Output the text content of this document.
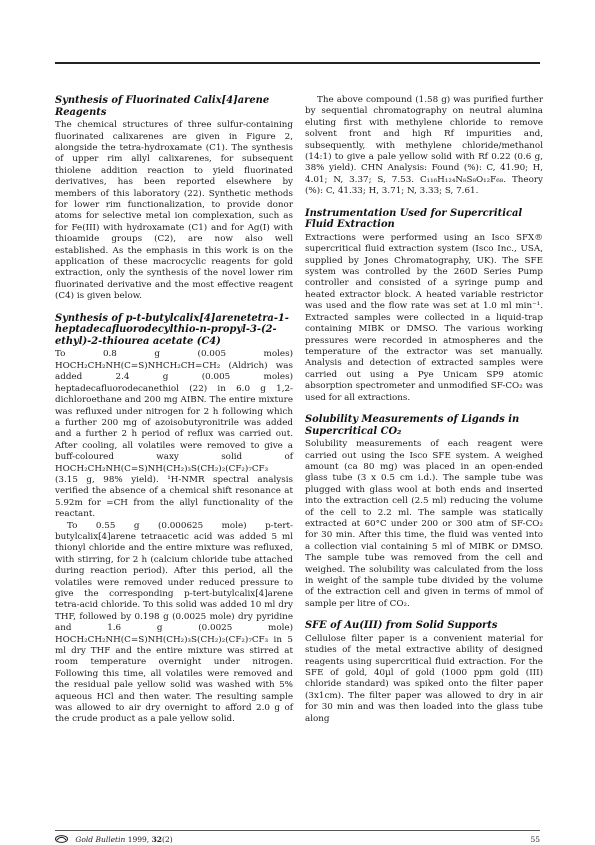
Synthesis of Fluorinated Calix[4]arene Reagents

The chemical structures of three sulfur-containing fluorinated calixarenes are given in Figure 2, alongside the tetra-hydroxamate (C1). The synthesis of upper rim allyl calixarenes, for subsequent thiolene addition reaction to yield fluorinated derivatives, has been reported elsewhere by members of this laboratory (22). Synthetic methods for lower rim functionalization, to provide donor atoms for selective metal ion complexation, such as for Fe(III) with hydroxamate (C1) and for Ag(I) with thioamide groups (C2), are now also well established. As the emphasis in this work is on the application of these macrocyclic reagents for gold extraction, only the synthesis of the novel lower rim fluorinated derivative and the most effective reagent (C4) is given below.

Synthesis of p-t-butylcalix[4]arenetetra-1-heptadecafluorodecylthio-n-propyl-3-(2-ethyl)-2-thiourea acetate (C4)

To 0.8 g (0.005 moles) HOCH₂CH₂NH(C=S)NHCH₂CH=CH₂ (Aldrich) was added 2.4 g (0.005 moles) heptadecafluorodecanethiol (22) in 6.0 g 1,2-dichloroethane and 200 mg AIBN. The entire mixture was refluxed under nitrogen for 2 h following which a further 200 mg of azoisobutyronitrile was added and a further 2 h period of reflux was carried out. After cooling, all volatiles were removed to give a buff-coloured waxy solid of HOCH₂CH₂NH(C=S)NH(CH₂)₃S(CH₂)₂(CF₂)₇CF₃ (3.15 g, 98% yield). ¹H-NMR spectral analysis verified the absence of a chemical shift resonance at 5.92m for =CH from the allyl functionality of the reactant.

To 0.55 g (0.000625 mole) p-tert-butylcalix[4]arene tetraacetic acid was added 5 ml thionyl chloride and the entire mixture was refluxed, with stirring, for 2 h (calcium chloride tube attached during reaction period). After this period, all the volatiles were removed under reduced pressure to give the corresponding p-tert-butylcalix[4]arene tetra-acid chloride. To this solid was added 10 ml dry THF, followed by 0.198 g (0.0025 mole) dry pyridine and 1.6 g (0.0025 mole) HOCH₂CH₂NH(C=S)NH(CH₂)₃S(CH₂)₂(CF₂)₇CF₃ in 5 ml dry THF and the entire mixture was stirred at room temperature overnight under nitrogen. Following this time, all volatiles were removed and the residual pale yellow solid was washed with 5% aqueous HCl and then water. The resulting sample was allowed to air dry overnight to afford 2.0 g of the crude product as a pale yellow solid.

The above compound (1.58 g) was purified further by sequential chromatography on neutral alumina eluting first with methylene chloride to remove solvent front and high Rf impurities and, subsequently, with methylene chloride/methanol (14:1) to give a pale yellow solid with Rf 0.22 (0.6 g, 38% yield). CHN Analysis: Found (%): C, 41.90; H, 4.01; N, 3.37; S, 7.53. C₁₁₆H₁₂₄N₈S₈O₁₂F₆₈. Theory (%): C, 41.33; H, 3.71; N, 3.33; S, 7.61.

Instrumentation Used for Supercritical Fluid Extraction

Extractions were performed using an Isco SFX® supercritical fluid extraction system (Isco Inc., USA, supplied by Jones Chromatography, UK). The SFE system was controlled by the 260D Series Pump controller and consisted of a syringe pump and heated extractor block. A heated variable restrictor was used and the flow rate was set at 1.0 ml min⁻¹. Extracted samples were collected in a liquid-trap containing MIBK or DMSO. The various working pressures were recorded in atmospheres and the temperature of the extractor was set manually. Analysis and detection of extracted samples were carried out using a Pye Unicam SP9 atomic absorption spectrometer and unmodified SF-CO₂ was used for all extractions.

Solubility Measurements of Ligands in Supercritical CO₂

Solubility measurements of each reagent were carried out using the Isco SFE system. A weighed amount (ca 80 mg) was placed in an open-ended glass tube (3 x 0.5 cm i.d.). The sample tube was plugged with glass wool at both ends and inserted into the extraction cell (2.5 ml) reducing the volume of the cell to 2.2 ml. The sample was statically extracted at 60°C under 200 or 300 atm of SF-CO₂ for 30 min. After this time, the fluid was vented into a collection vial containing 5 ml of MIBK or DMSO. The sample tube was removed from the cell and weighed. The solubility was calculated from the loss in weight of the sample tube divided by the volume of the extraction cell and given in terms of mmol of sample per litre of CO₂.

SFE of Au(III) from Solid Supports

Cellulose filter paper is a convenient material for studies of the metal extractive ability of designed reagents using supercritical fluid extraction. For the SFE of gold, 40µl of gold (1000 ppm gold (III) chloride standard) was spiked onto the filter paper (3x1cm). The filter paper was allowed to dry in air for 30 min and was then loaded into the glass tube along

Gold Bulletin 1999, 32(2)	55
